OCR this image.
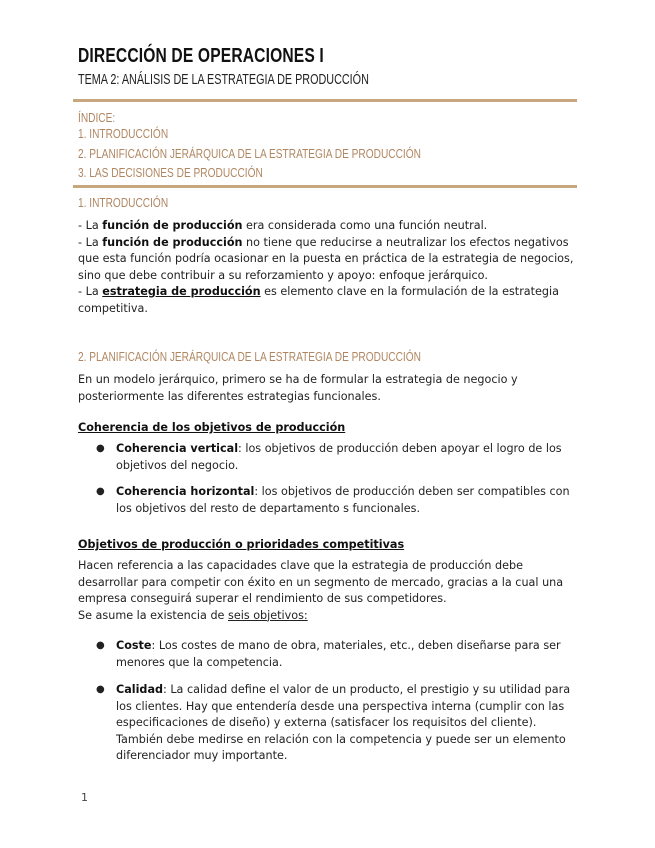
DIRECCIÓN DE OPERACIONES I
TEMA 2: ANÁLISIS DE LA ESTRATEGIA DE PRODUCCIÓN
ÍNDICE:
1. INTRODUCCIÓN
2. PLANIFICACIÓN JERÁRQUICA DE LA ESTRATEGIA DE PRODUCCIÓN
3. LAS DECISIONES DE PRODUCCIÓN
1. INTRODUCCIÓN

- La función de producción era considerada como una función neutral.

- La función de producción no tiene que reducirse a neutralizar los efectos negativos que esta función podría ocasionar en la puesta en práctica de la estrategia de negocios, sino que debe contribuir a su reforzamiento y apoyo: enfoque jerárquico.

- La estrategia de producción es elemento clave en la formulación de la estrategia competitiva.

2. PLANIFICACIÓN JERÁRQUICA DE LA ESTRATEGIA DE PRODUCCIÓN
En un modelo jerárquico, primero se ha de formular la estrategia de negocio y posteriormente las diferentes estrategias funcionales.
Coherencia de los objetivos de producción
● Coherencia vertical: los objetivos de producción deben apoyar el logro de los objetivos del negocio.
● Coherencia horizontal: los objetivos de producción deben ser compatibles con los objetivos del resto de departamento s funcionales.
Objetivos de producción o prioridades competitivas

Hacen referencia a las capacidades clave que la estrategia de producción debe desarrollar para competir con éxito en un segmento de mercado, gracias a la cual una empresa conseguirá superar el rendimiento de sus competidores.

Se asume la existencia de seis objetivos:

● Coste: Los costes de mano de obra, materiales, etc., deben diseñarse para ser menores que la competencia.
● Calidad: La calidad define el valor de un producto, el prestigio y su utilidad para los clientes. Hay que entendería desde una perspectiva interna (cumplir con las especificaciones de diseño) y externa (satisfacer los requisitos del cliente). También debe medirse en relación con la competencia y puede ser un elemento diferenciador muy importante.
1
